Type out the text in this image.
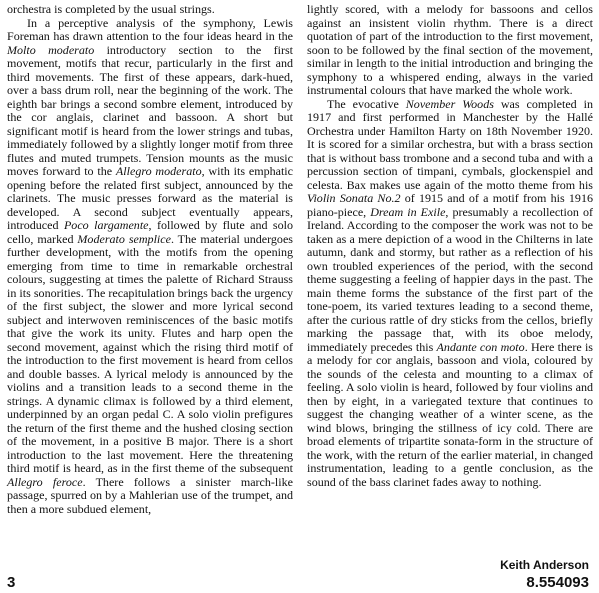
orchestra is completed by the usual strings.

In a perceptive analysis of the symphony, Lewis Foreman has drawn attention to the four ideas heard in the Molto moderato introductory section to the first movement, motifs that recur, particularly in the first and third movements. The first of these appears, dark-hued, over a bass drum roll, near the beginning of the work. The eighth bar brings a second sombre element, introduced by the cor anglais, clarinet and bassoon. A short but significant motif is heard from the lower strings and tubas, immediately followed by a slightly longer motif from three flutes and muted trumpets. Tension mounts as the music moves forward to the Allegro moderato, with its emphatic opening before the related first subject, announced by the clarinets. The music presses forward as the material is developed. A second subject eventually appears, introduced Poco largamente, followed by flute and solo cello, marked Moderato semplice. The material undergoes further development, with the motifs from the opening emerging from time to time in remarkable orchestral colours, suggesting at times the palette of Richard Strauss in its sonorities. The recapitulation brings back the urgency of the first subject, the slower and more lyrical second subject and interwoven reminiscences of the basic motifs that give the work its unity. Flutes and harp open the second movement, against which the rising third motif of the introduction to the first movement is heard from cellos and double basses. A lyrical melody is announced by the violins and a transition leads to a second theme in the strings. A dynamic climax is followed by a third element, underpinned by an organ pedal C. A solo violin prefigures the return of the first theme and the hushed closing section of the movement, in a positive B major. There is a short introduction to the last movement. Here the threatening third motif is heard, as in the first theme of the subsequent Allegro feroce. There follows a sinister march-like passage, spurred on by a Mahlerian use of the trumpet, and then a more subdued element,

lightly scored, with a melody for bassoons and cellos against an insistent violin rhythm. There is a direct quotation of part of the introduction to the first movement, soon to be followed by the final section of the movement, similar in length to the initial introduction and bringing the symphony to a whispered ending, always in the varied instrumental colours that have marked the whole work.

The evocative November Woods was completed in 1917 and first performed in Manchester by the Hallé Orchestra under Hamilton Harty on 18th November 1920. It is scored for a similar orchestra, but with a brass section that is without bass trombone and a second tuba and with a percussion section of timpani, cymbals, glockenspiel and celesta. Bax makes use again of the motto theme from his Violin Sonata No.2 of 1915 and of a motif from his 1916 piano-piece, Dream in Exile, presumably a recollection of Ireland. According to the composer the work was not to be taken as a mere depiction of a wood in the Chilterns in late autumn, dank and stormy, but rather as a reflection of his own troubled experiences of the period, with the second theme suggesting a feeling of happier days in the past. The main theme forms the substance of the first part of the tone-poem, its varied textures leading to a second theme, after the curious rattle of dry sticks from the cellos, briefly marking the passage that, with its oboe melody, immediately precedes this Andante con moto. Here there is a melody for cor anglais, bassoon and viola, coloured by the sounds of the celesta and mounting to a climax of feeling. A solo violin is heard, followed by four violins and then by eight, in a variegated texture that continues to suggest the changing weather of a winter scene, as the wind blows, bringing the stillness of icy cold. There are broad elements of tripartite sonata-form in the structure of the work, with the return of the earlier material, in changed instrumentation, leading to a gentle conclusion, as the sound of the bass clarinet fades away to nothing.

Keith Anderson
3	8.554093
